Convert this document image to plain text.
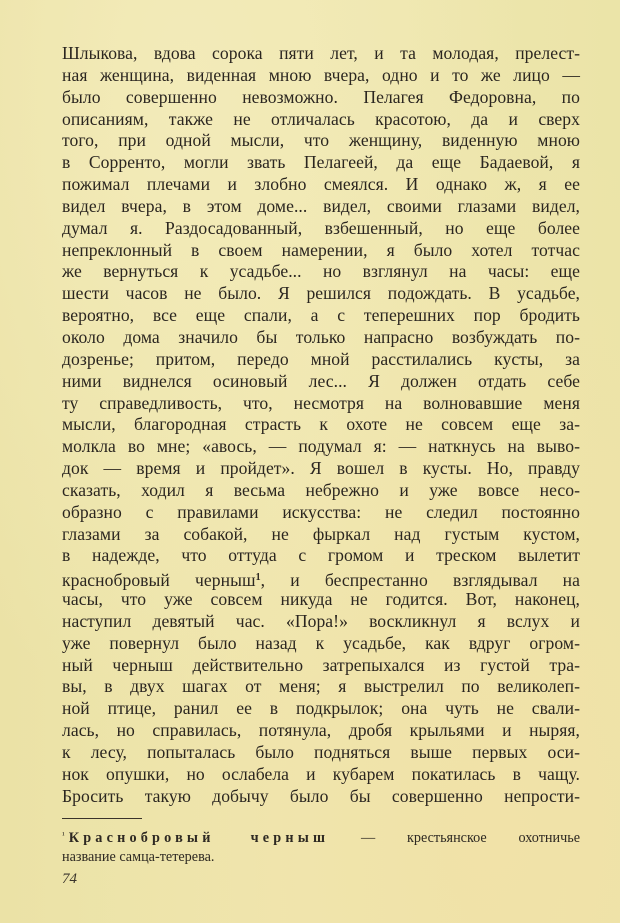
Шлыкова, вдова сорока пяти лет, и та молодая, прелест-
ная женщина, виденная мною вчера, одно и то же лицо —
было совершенно невозможно. Пелагея Федоровна, по
описаниям, также не отличалась красотою, да и сверх
того, при одной мысли, что женщину, виденную мною
в Сорренто, могли звать Пелагеей, да еще Бадаевой, я
пожимал плечами и злобно смеялся. И однако ж, я ее
видел вчера, в этом доме... видел, своими глазами видел,
думал я. Раздосадованный, взбешенный, но еще более
непреклонный в своем намерении, я было хотел тотчас
же вернуться к усадьбе... но взглянул на часы: еще
шести часов не было. Я решился подождать. В усадьбе,
вероятно, все еще спали, а с теперешних пор бродить
около дома значило бы только напрасно возбуждать по-
дозренье; притом, передо мной расстилались кусты, за
ними виднелся осиновый лес... Я должен отдать себе
ту справедливость, что, несмотря на волновавшие меня
мысли, благородная страсть к охоте не совсем еще за-
молкла во мне; «авось, — подумал я: — наткнусь на выво-
док — время и пройдет». Я вошел в кусты. Но, правду
сказать, ходил я весьма небрежно и уже вовсе несо-
образно с правилами искусства: не следил постоянно
глазами за собакой, не фыркал над густым кустом,
в надежде, что оттуда с громом и треском вылетит
краснобровый черныш$^1$, и беспрестанно взглядывал на
часы, что уже совсем никуда не годится. Вот, наконец,
наступил девятый час. «Пора!» воскликнул я вслух и
уже повернул было назад к усадьбе, как вдруг огром-
ный черныш действительно затрепыхался из густой тра-
вы, в двух шагах от меня; я выстрелил по великолеп-
ной птице, ранил ее в подкрылок; она чуть не свали-
лась, но справилась, потянула, дробя крыльями и ныряя,
к лесу, попыталась было подняться выше первых оси-
нок опушки, но ослабела и кубарем покатилась в чащу.
Бросить такую добычу было бы совершенно непрости-
$^{^1}$ Краснобровый черныш — крестьянское охотничье
название самца-тетерева.
74
